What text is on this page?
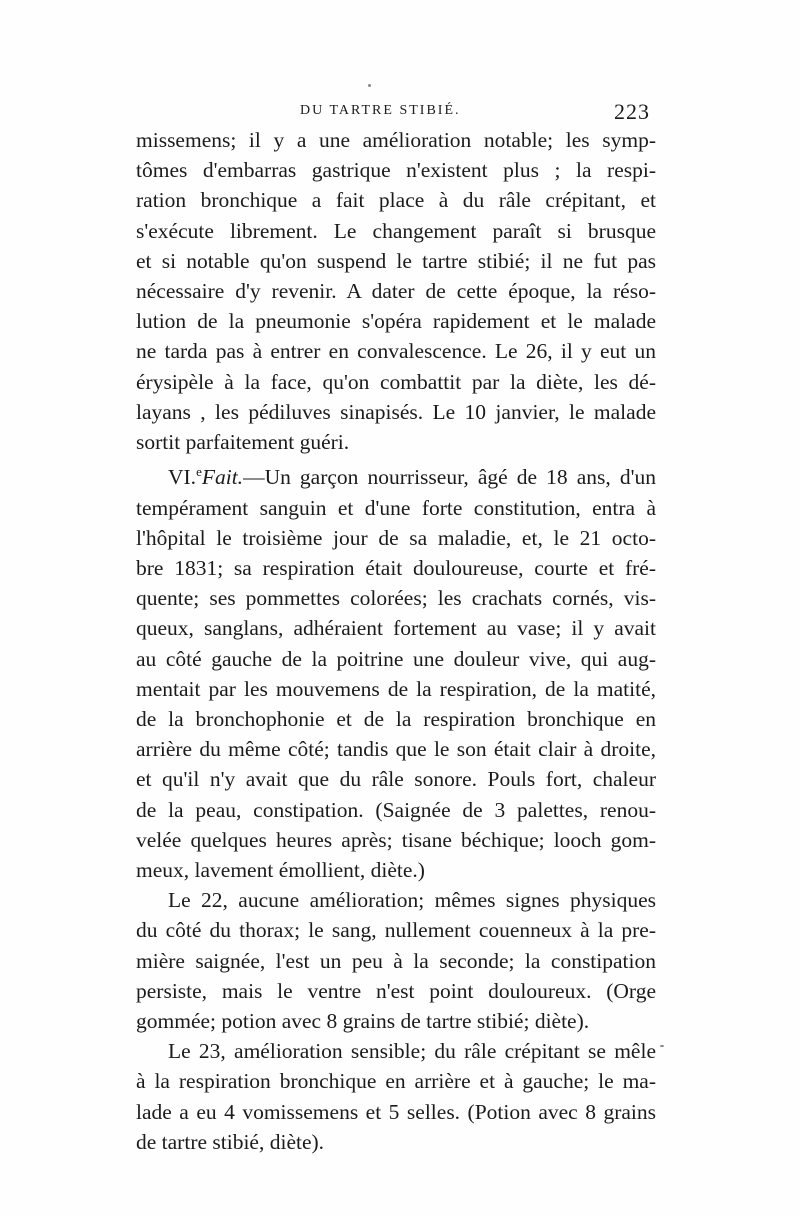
DU TARTRE STIBIÉ.	223
missemens; il y a une amélioration notable; les symp-
tômes d'embarras gastrique n'existent plus ; la respi-
ration bronchique a fait place à du râle crépitant, et
s'exécute librement. Le changement paraît si brusque
et si notable qu'on suspend le tartre stibié; il ne fut pas
nécessaire d'y revenir. A dater de cette époque, la réso-
lution de la pneumonie s'opéra rapidement et le malade
ne tarda pas à entrer en convalescence. Le 26, il y eut un
érysipèle à la face, qu'on combattit par la diète, les dé-
layans , les pédiluves sinapisés. Le 10 janvier, le malade
sortit parfaitement guéri.
VI.$^e$Fait.—Un garçon nourrisseur, âgé de 18 ans, d'un
tempérament sanguin et d'une forte constitution, entra à
l'hôpital le troisième jour de sa maladie, et, le 21 octo-
bre 1831; sa respiration était douloureuse, courte et fré-
quente; ses pommettes colorées; les crachats cornés, vis-
queux, sanglans, adhéraient fortement au vase; il y avait
au côté gauche de la poitrine une douleur vive, qui aug-
mentait par les mouvemens de la respiration, de la matité,
de la bronchophonie et de la respiration bronchique en
arrière du même côté; tandis que le son était clair à droite,
et qu'il n'y avait que du râle sonore. Pouls fort, chaleur
de la peau, constipation. (Saignée de 3 palettes, renou-
velée quelques heures après; tisane béchique; looch gom-
meux, lavement émollient, diète.)
Le 22, aucune amélioration; mêmes signes physiques
du côté du thorax; le sang, nullement couenneux à la pre-
mière saignée, l'est un peu à la seconde; la constipation
persiste, mais le ventre n'est point douloureux. (Orge
gommée; potion avec 8 grains de tartre stibié; diète).
Le 23, amélioration sensible; du râle crépitant se mêle
à la respiration bronchique en arrière et à gauche; le ma-
lade a eu 4 vomissemens et 5 selles. (Potion avec 8 grains
de tartre stibié, diète).
